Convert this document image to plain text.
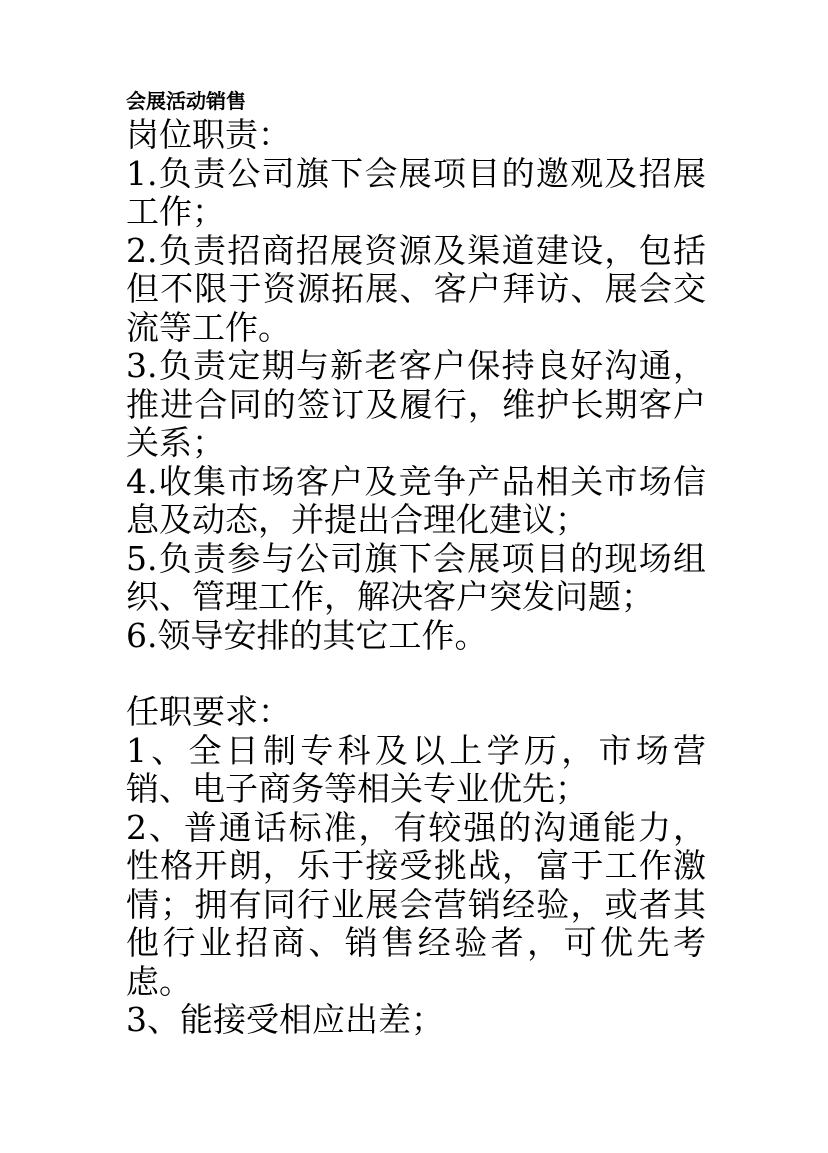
会展活动销售
岗位职责：

1.负责公司旗下会展项目的邀观及招展工作；

2.负责招商招展资源及渠道建设，包括但不限于资源拓展、客户拜访、展会交流等工作。

3.负责定期与新老客户保持良好沟通，推进合同的签订及履行，维护长期客户关系；

4.收集市场客户及竞争产品相关市场信息及动态，并提出合理化建议；

5.负责参与公司旗下会展项目的现场组织、管理工作，解决客户突发问题；

6.领导安排的其它工作。

任职要求：

1、全日制专科及以上学历，市场营销、电子商务等相关专业优先；

2、普通话标准，有较强的沟通能力，性格开朗，乐于接受挑战，富于工作激情；拥有同行业展会营销经验，或者其他行业招商、销售经验者，可优先考虑。

3、能接受相应出差；
